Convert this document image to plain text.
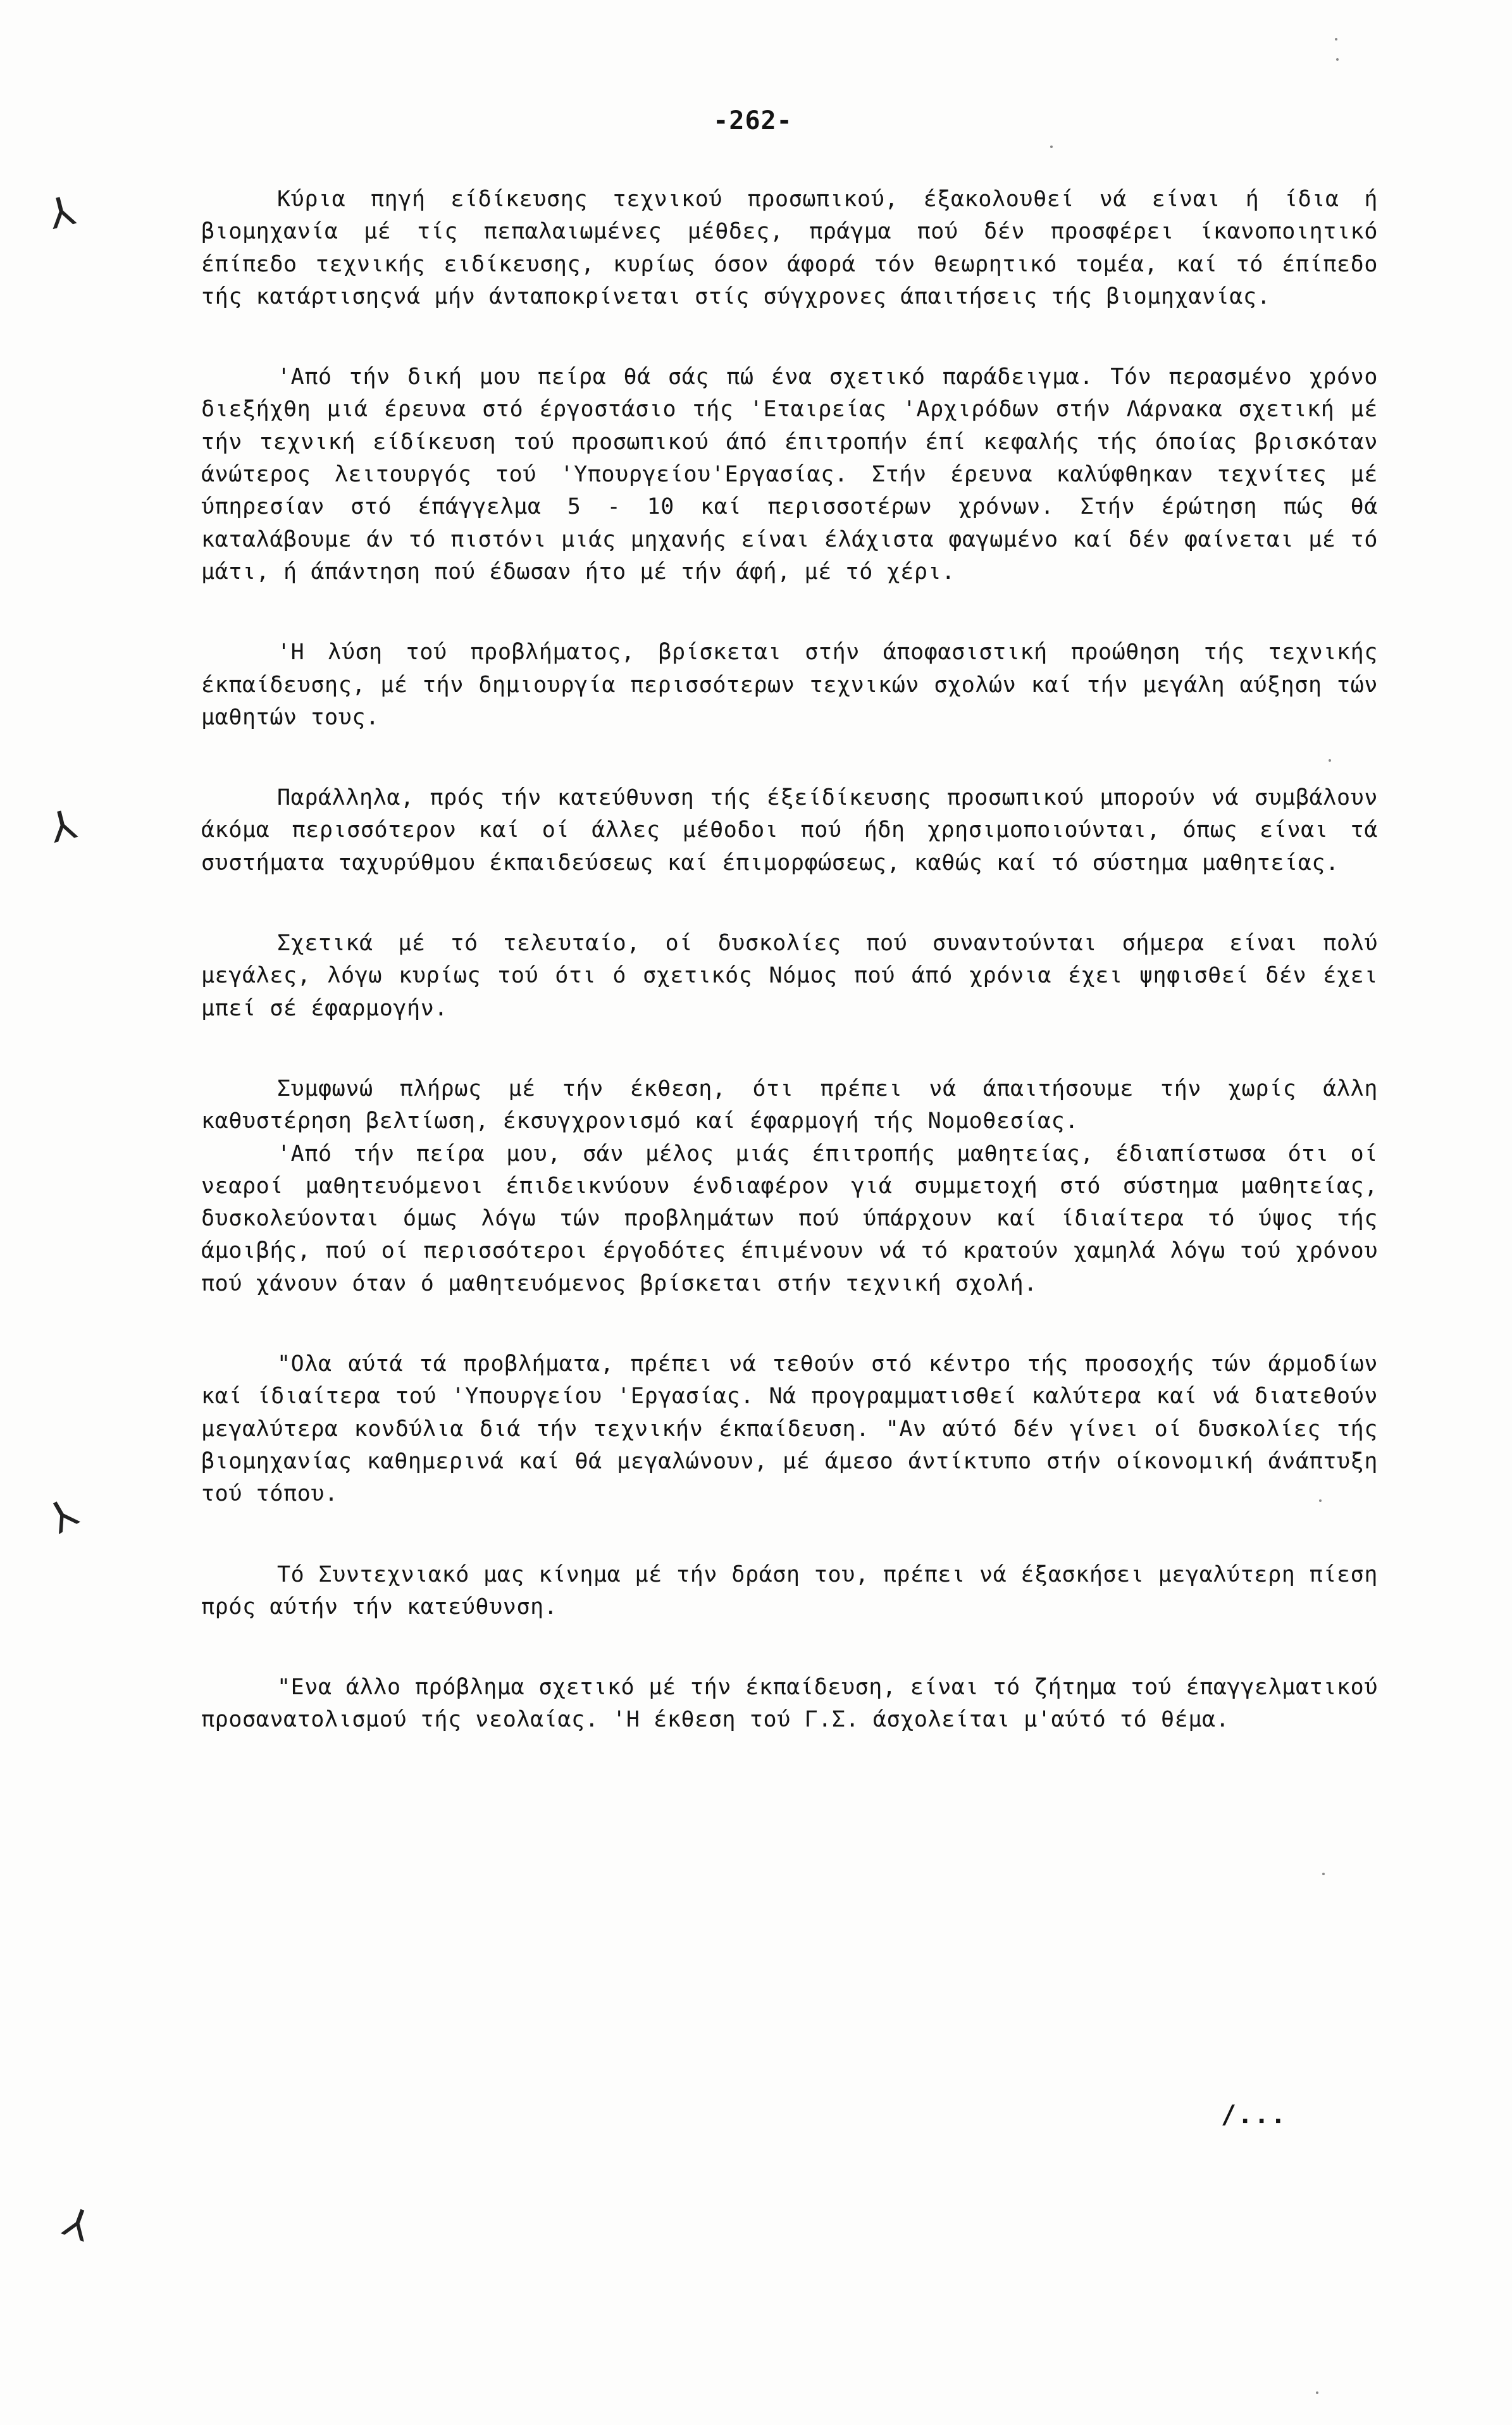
-262-

Κύρια πηγή είδίκευσης τεχνικού προσωπικού, έξακολουθεί νά είναι ή ίδια ή βιομηχανία μέ τίς πεπαλαιωμένες μέθδες, πράγμα πού δέν προσφέρει ίκανοποιητικό έπίπεδο τεχνικής ειδίκευσης, κυρίως όσον άφορά τόν θεωρητικό τομέα, καί τό έπίπεδο τής κατάρτισηςνά μήν άνταποκρίνεται στίς σύγχρονες άπαιτήσεις τής βιομηχανίας.

'Από τήν δική μου πείρα θά σάς πώ ένα σχετικό παράδειγμα. Τόν περασμένο χρόνο διεξήχθη μιά έρευνα στό έργοστάσιο τής 'Εταιρείας 'Αρχιρόδων στήν Λάρνακα σχετική μέ τήν τεχνική είδίκευση τού προσωπικού άπό έπιτροπήν έπί κεφαλής τής όποίας βρισκόταν άνώτερος λειτουργός τού 'Υπουργείου'Εργασίας. Στήν έρευνα καλύφθηκαν τεχνίτες μέ ύπηρεσίαν στό έπάγγελμα 5 - 10 καί περισσοτέρων χρόνων. Στήν έρώτηση πώς θά καταλάβουμε άν τό πιστόνι μιάς μηχανής είναι έλάχιστα φαγωμένο καί δέν φαίνεται μέ τό μάτι, ή άπάντηση πού έδωσαν ήτο μέ τήν άφή, μέ τό χέρι.

'Η λύση τού προβλήματος, βρίσκεται στήν άποφασιστική προώθηση τής τεχνικής έκπαίδευσης, μέ τήν δημιουργία περισσότερων τεχνικών σχολών καί τήν μεγάλη αύξηση τών μαθητών τους.

Παράλληλα, πρός τήν κατεύθυνση τής έξείδίκευσης προσωπικού μπορούν νά συμβάλουν άκόμα περισσότερον καί οί άλλες μέθοδοι πού ήδη χρησιμοποιούνται, όπως είναι τά συστήματα ταχυρύθμου έκπαιδεύσεως καί έπιμορφώσεως, καθώς καί τό σύστημα μαθητείας.

Σχετικά μέ τό τελευταίο, οί δυσκολίες πού συναντούνται σήμερα είναι πολύ μεγάλες, λόγω κυρίως τού ότι ό σχετικός Νόμος πού άπό χρόνια έχει ψηφισθεί δέν έχει μπεί σέ έφαρμογήν.

Συμφωνώ πλήρως μέ τήν έκθεση, ότι πρέπει νά άπαιτήσουμε τήν χωρίς άλλη καθυστέρηση βελτίωση, έκσυγχρονισμό καί έφαρμογή τής Νομοθεσίας.

'Από τήν πείρα μου, σάν μέλος μιάς έπιτροπής μαθητείας, έδιαπίστωσα ότι οί νεαροί μαθητευόμενοι έπιδεικνύουν ένδιαφέρον γιά συμμετοχή στό σύστημα μαθητείας, δυσκολεύονται όμως λόγω τών προβλημάτων πού ύπάρχουν καί ίδιαίτερα τό ύψος τής άμοιβής, πού οί περισσότεροι έργοδότες έπιμένουν νά τό κρατούν χαμηλά λόγω τού χρόνου πού χάνουν όταν ό μαθητευόμενος βρίσκεται στήν τεχνική σχολή.

"Ολα αύτά τά προβλήματα, πρέπει νά τεθούν στό κέντρο τής προσοχής τών άρμοδίων καί ίδιαίτερα τού 'Υπουργείου 'Εργασίας. Νά προγραμματισθεί καλύτερα καί νά διατεθούν μεγαλύτερα κονδύλια διά τήν τεχνικήν έκπαίδευση. "Αν αύτό δέν γίνει οί δυσκολίες τής βιομηχανίας καθημερινά καί θά μεγαλώνουν, μέ άμεσο άντίκτυπο στήν οίκονομική άνάπτυξη τού τόπου.

Τό Συντεχνιακό μας κίνημα μέ τήν δράση του, πρέπει νά έξασκήσει μεγαλύτερη πίεση πρός αύτήν τήν κατεύθυνση.

"Ενα άλλο πρόβλημα σχετικό μέ τήν έκπαίδευση, είναι τό ζήτημα τού έπαγγελματικού προσανατολισμού τής νεολαίας. 'Η έκθεση τού Γ.Σ. άσχολείται μ'αύτό τό θέμα.

/...
⅄
⅄
⅄
⅄
